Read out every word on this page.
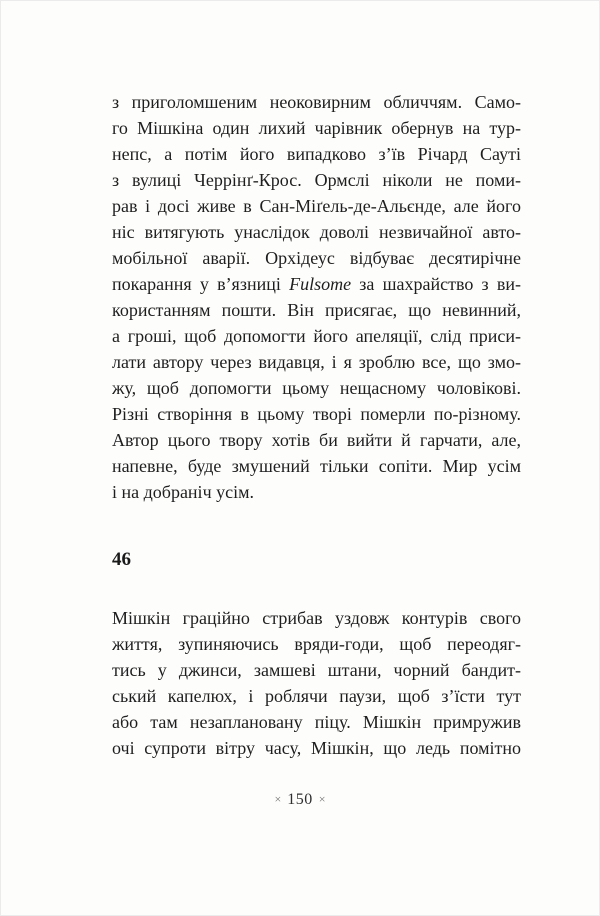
з приголомшеним неоковирним обличчям. Само-
го Мішкіна один лихий чарівник обернув на тур-
непс, а потім його випадково з’їв Річард Сауті
з вулиці Черрінґ-Крос. Ормслі ніколи не поми-
рав і досі живе в Сан-Міґель-де-Альєнде, але його
ніс витягують унаслідок доволі незвичайної авто-
мобільної аварії. Орхідеус відбуває десятирічне
покарання у в’язниці Fulsome за шахрайство з ви-
користанням пошти. Він присягає, що невинний,
а гроші, щоб допомогти його апеляції, слід приси-
лати автору через видавця, і я зроблю все, що змо-
жу, щоб допомогти цьому нещасному чоловікові.
Різні створіння в цьому творі померли по-різному.
Автор цього твору хотів би вийти й гарчати, але,
напевне, буде змушений тільки сопіти. Мир усім
і на добраніч усім.
46
Мішкін граційно стрибав уздовж контурів свого
життя, зупиняючись вряди-годи, щоб переодяг-
тись у джинси, замшеві штани, чорний бандит-
ський капелюх, і роблячи паузи, щоб з’їсти тут
або там незаплановану піцу. Мішкін примружив
очі супроти вітру часу, Мішкін, що ледь помітно
× 150 ×
